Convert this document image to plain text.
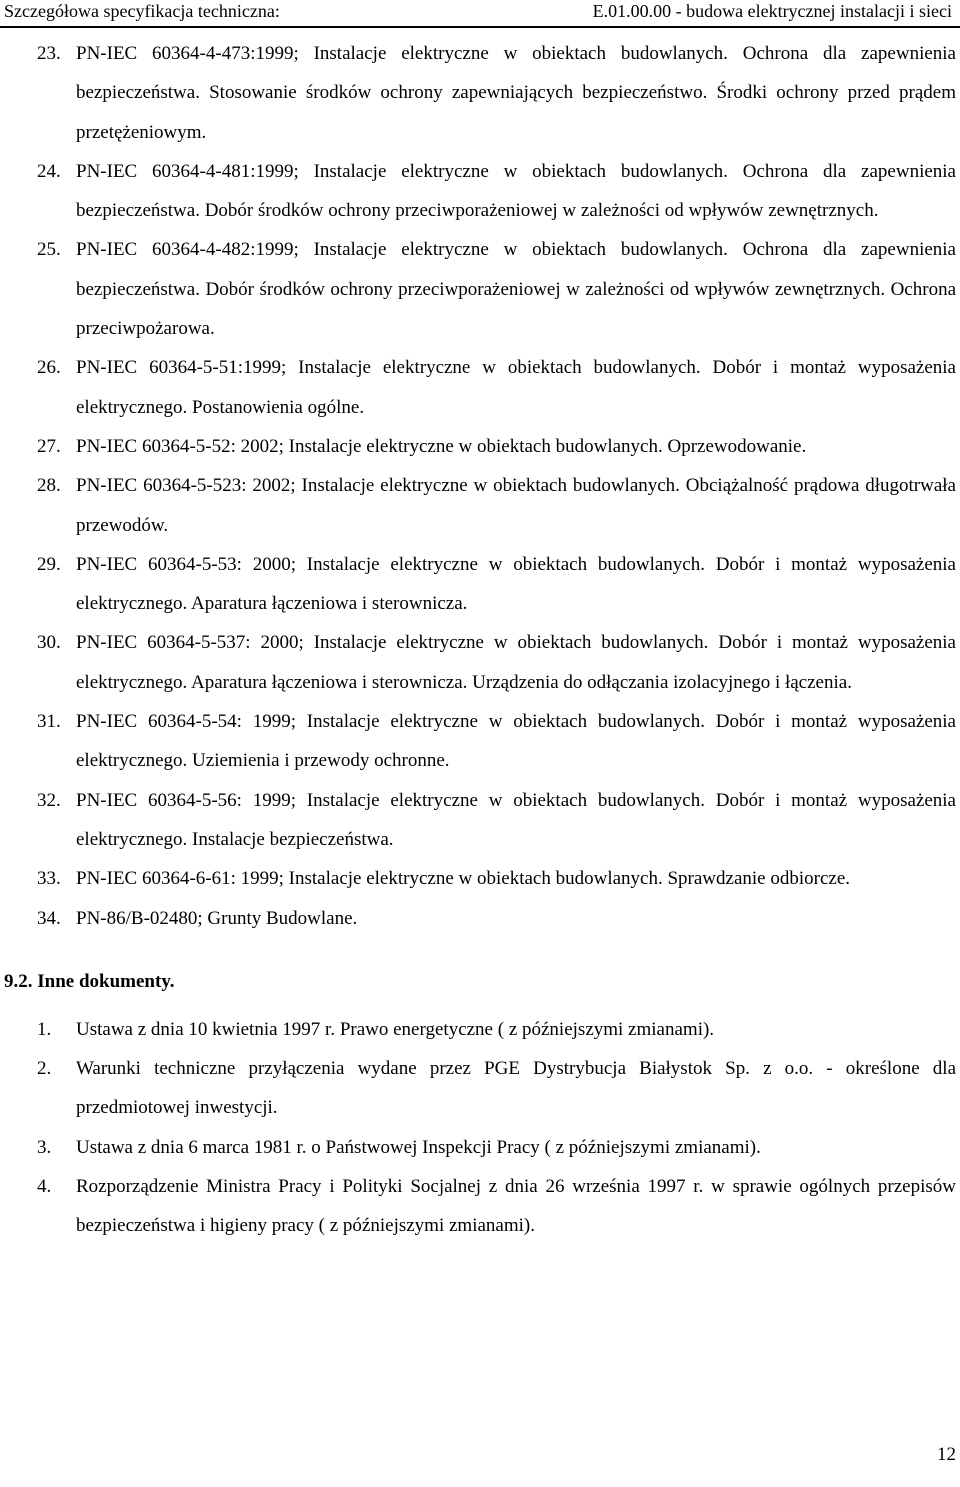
Szczegółowa specyfikacja techniczna:	E.01.00.00 - budowa elektrycznej instalacji i sieci
23. PN-IEC 60364-4-473:1999; Instalacje elektryczne w obiektach budowlanych. Ochrona dla zapewnienia bezpieczeństwa. Stosowanie środków ochrony zapewniających bezpieczeństwo. Środki ochrony przed prądem przetężeniowym.
24. PN-IEC 60364-4-481:1999; Instalacje elektryczne w obiektach budowlanych. Ochrona dla zapewnienia bezpieczeństwa. Dobór środków ochrony przeciwporażeniowej w zależności od wpływów zewnętrznych.
25. PN-IEC 60364-4-482:1999; Instalacje elektryczne w obiektach budowlanych. Ochrona dla zapewnienia bezpieczeństwa. Dobór środków ochrony przeciwporażeniowej w zależności od wpływów zewnętrznych. Ochrona przeciwpożarowa.
26. PN-IEC 60364-5-51:1999; Instalacje elektryczne w obiektach budowlanych. Dobór i montaż wyposażenia elektrycznego. Postanowienia ogólne.
27. PN-IEC 60364-5-52: 2002; Instalacje elektryczne w obiektach budowlanych. Oprzewodowanie.
28. PN-IEC 60364-5-523: 2002; Instalacje elektryczne w obiektach budowlanych. Obciążalność prądowa długotrwała przewodów.
29. PN-IEC 60364-5-53: 2000; Instalacje elektryczne w obiektach budowlanych. Dobór i montaż wyposażenia elektrycznego. Aparatura łączeniowa i sterownicza.
30. PN-IEC 60364-5-537: 2000; Instalacje elektryczne w obiektach budowlanych. Dobór i montaż wyposażenia elektrycznego. Aparatura łączeniowa i sterownicza. Urządzenia do odłączania izolacyjnego i łączenia.
31. PN-IEC 60364-5-54: 1999; Instalacje elektryczne w obiektach budowlanych. Dobór i montaż wyposażenia elektrycznego. Uziemienia i przewody ochronne.
32. PN-IEC 60364-5-56: 1999; Instalacje elektryczne w obiektach budowlanych. Dobór i montaż wyposażenia elektrycznego. Instalacje bezpieczeństwa.
33. PN-IEC 60364-6-61: 1999; Instalacje elektryczne w obiektach budowlanych. Sprawdzanie odbiorcze.
34. PN-86/B-02480; Grunty Budowlane.
9.2. Inne dokumenty.
1. Ustawa z dnia 10 kwietnia 1997 r. Prawo energetyczne ( z późniejszymi zmianami).
2. Warunki techniczne przyłączenia wydane przez PGE Dystrybucja Białystok Sp. z o.o. - określone dla przedmiotowej inwestycji.
3. Ustawa z dnia 6 marca 1981 r. o Państwowej Inspekcji Pracy ( z późniejszymi zmianami).
4. Rozporządzenie Ministra Pracy i Polityki Socjalnej z dnia 26 września 1997 r. w sprawie ogólnych przepisów bezpieczeństwa i higieny pracy ( z późniejszymi zmianami).
12
